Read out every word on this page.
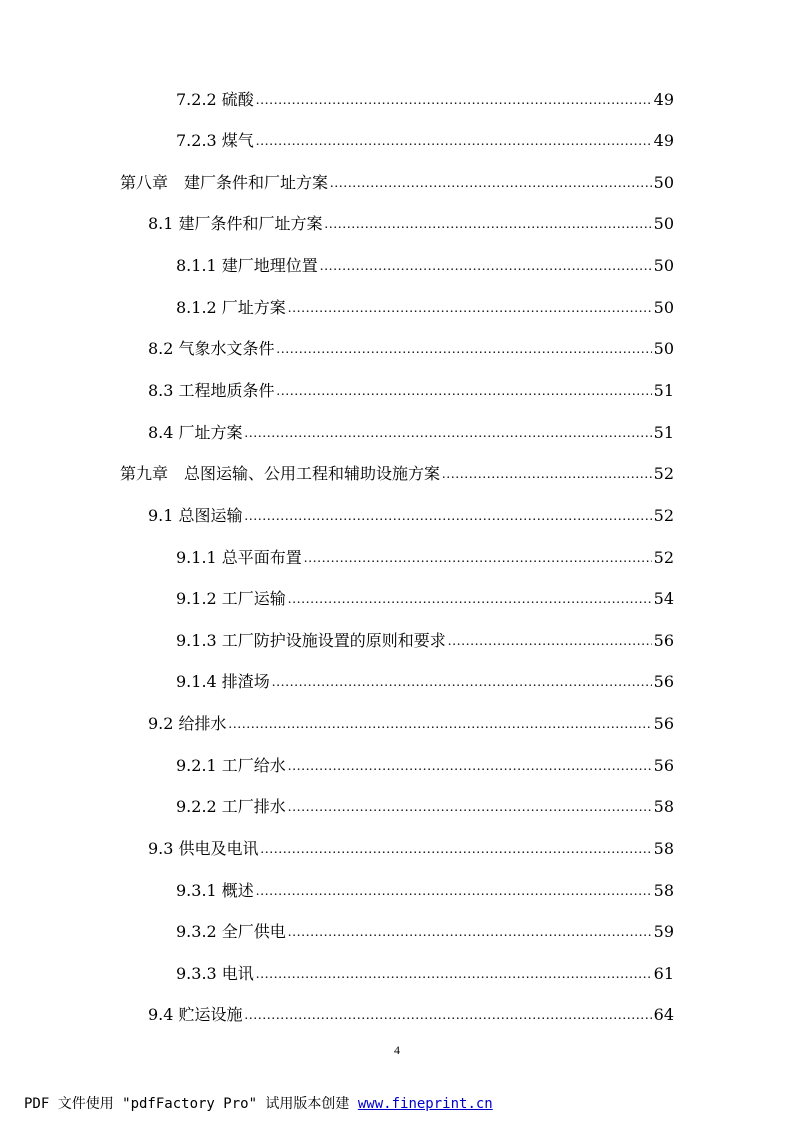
7.2.2 硫酸 .....	49
7.2.3 煤气 .....	49
第八章　建厂条件和厂址方案 .....	50
8.1 建厂条件和厂址方案 .....	50
8.1.1 建厂地理位置 .....	50
8.1.2 厂址方案 .....	50
8.2 气象水文条件 .....	50
8.3 工程地质条件 .....	51
8.4 厂址方案 .....	51
第九章　总图运输、公用工程和辅助设施方案 .....	52
9.1 总图运输 .....	52
9.1.1 总平面布置 .....	52
9.1.2 工厂运输 .....	54
9.1.3 工厂防护设施设置的原则和要求 .....	56
9.1.4 排渣场 .....	56
9.2 给排水 .....	56
9.2.1 工厂给水 .....	56
9.2.2 工厂排水 .....	58
9.3 供电及电讯 .....	58
9.3.1 概述 .....	58
9.3.2 全厂供电 .....	59
9.3.3 电讯 .....	61
9.4 贮运设施 .....	64
4
PDF 文件使用 "pdfFactory Pro" 试用版本创建 www.fineprint.cn
